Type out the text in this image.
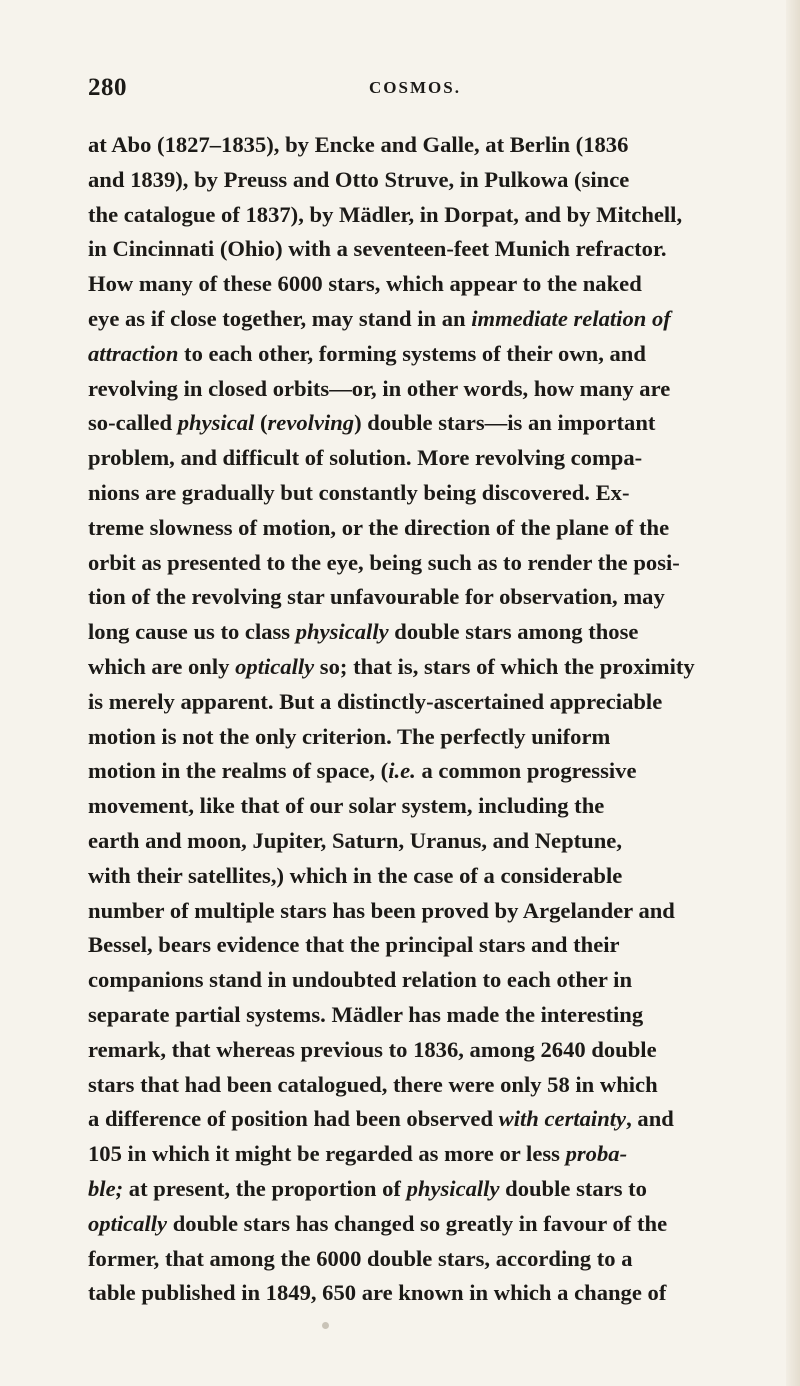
280	COSMOS.
at Abo (1827–1835), by Encke and Galle, at Berlin (1836
and 1839), by Preuss and Otto Struve, in Pulkowa (since
the catalogue of 1837), by Mädler, in Dorpat, and by Mitchell,
in Cincinnati (Ohio) with a seventeen-feet Munich refractor.
How many of these 6000 stars, which appear to the naked
eye as if close together, may stand in an immediate relation of
attraction to each other, forming systems of their own, and
revolving in closed orbits—or, in other words, how many are
so-called physical (revolving) double stars—is an important
problem, and difficult of solution. More revolving compa-
nions are gradually but constantly being discovered. Ex-
treme slowness of motion, or the direction of the plane of the
orbit as presented to the eye, being such as to render the posi-
tion of the revolving star unfavourable for observation, may
long cause us to class physically double stars among those
which are only optically so; that is, stars of which the proximity
is merely apparent. But a distinctly-ascertained appreciable
motion is not the only criterion. The perfectly uniform
motion in the realms of space, (i.e. a common progressive
movement, like that of our solar system, including the
earth and moon, Jupiter, Saturn, Uranus, and Neptune,
with their satellites,) which in the case of a considerable
number of multiple stars has been proved by Argelander and
Bessel, bears evidence that the principal stars and their
companions stand in undoubted relation to each other in
separate partial systems. Mädler has made the interesting
remark, that whereas previous to 1836, among 2640 double
stars that had been catalogued, there were only 58 in which
a difference of position had been observed with certainty, and
105 in which it might be regarded as more or less proba-
ble; at present, the proportion of physically double stars to
optically double stars has changed so greatly in favour of the
former, that among the 6000 double stars, according to a
table published in 1849, 650 are known in which a change of
